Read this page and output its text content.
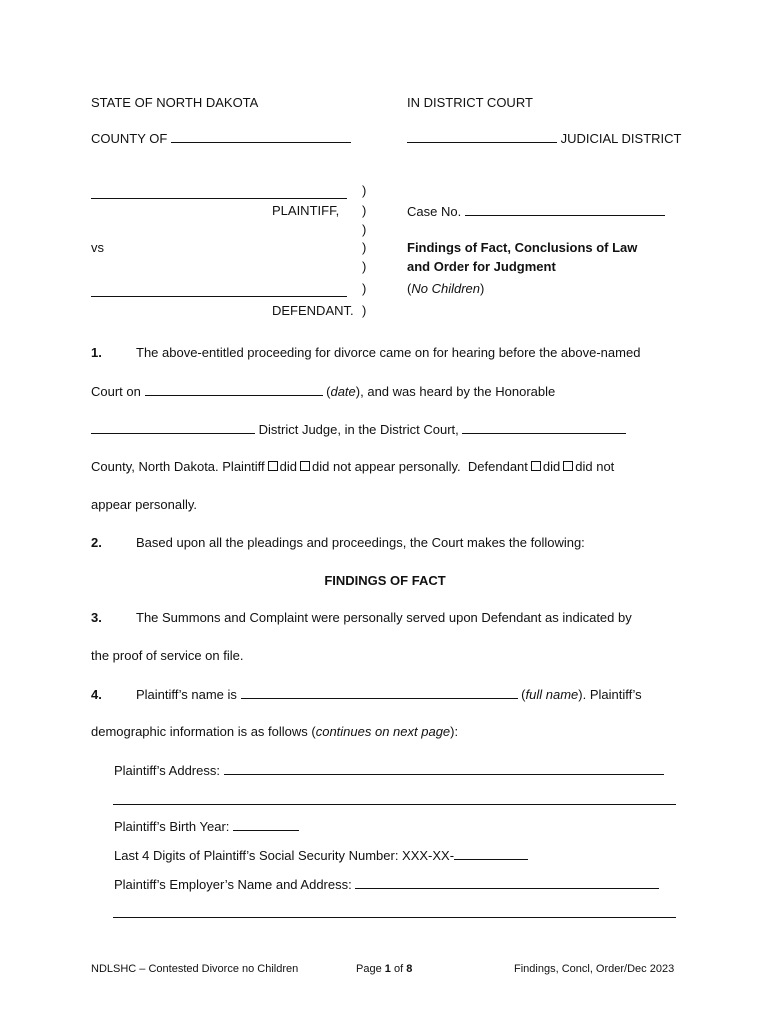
STATE OF NORTH DAKOTA	IN DISTRICT COURT
COUNTY OF	JUDICIAL DISTRICT
PLAINTIFF,
vs
DEFENDANT.
)
)
)
)
)
)
)
Case No.
Findings of Fact, Conclusions of Law
and Order for Judgment
(No Children)
1.	The above-entitled proceeding for divorce came on for hearing before the above-named
Court on	(date), and was heard by the Honorable
District Judge, in the District Court,
County, North Dakota. Plaintiff did did not appear personally. Defendant did did not
appear personally.
2.	Based upon all the pleadings and proceedings, the Court makes the following:
FINDINGS OF FACT
3.	The Summons and Complaint were personally served upon Defendant as indicated by
the proof of service on file.
4.	Plaintiff’s name is	(full name). Plaintiff’s
demographic information is as follows (continues on next page):
Plaintiff’s Address:
Plaintiff’s Birth Year:
Last 4 Digits of Plaintiff’s Social Security Number: XXX-XX-
Plaintiff’s Employer’s Name and Address:
NDLSHC – Contested Divorce no Children	Page 1 of 8	Findings, Concl, Order/Dec 2023
